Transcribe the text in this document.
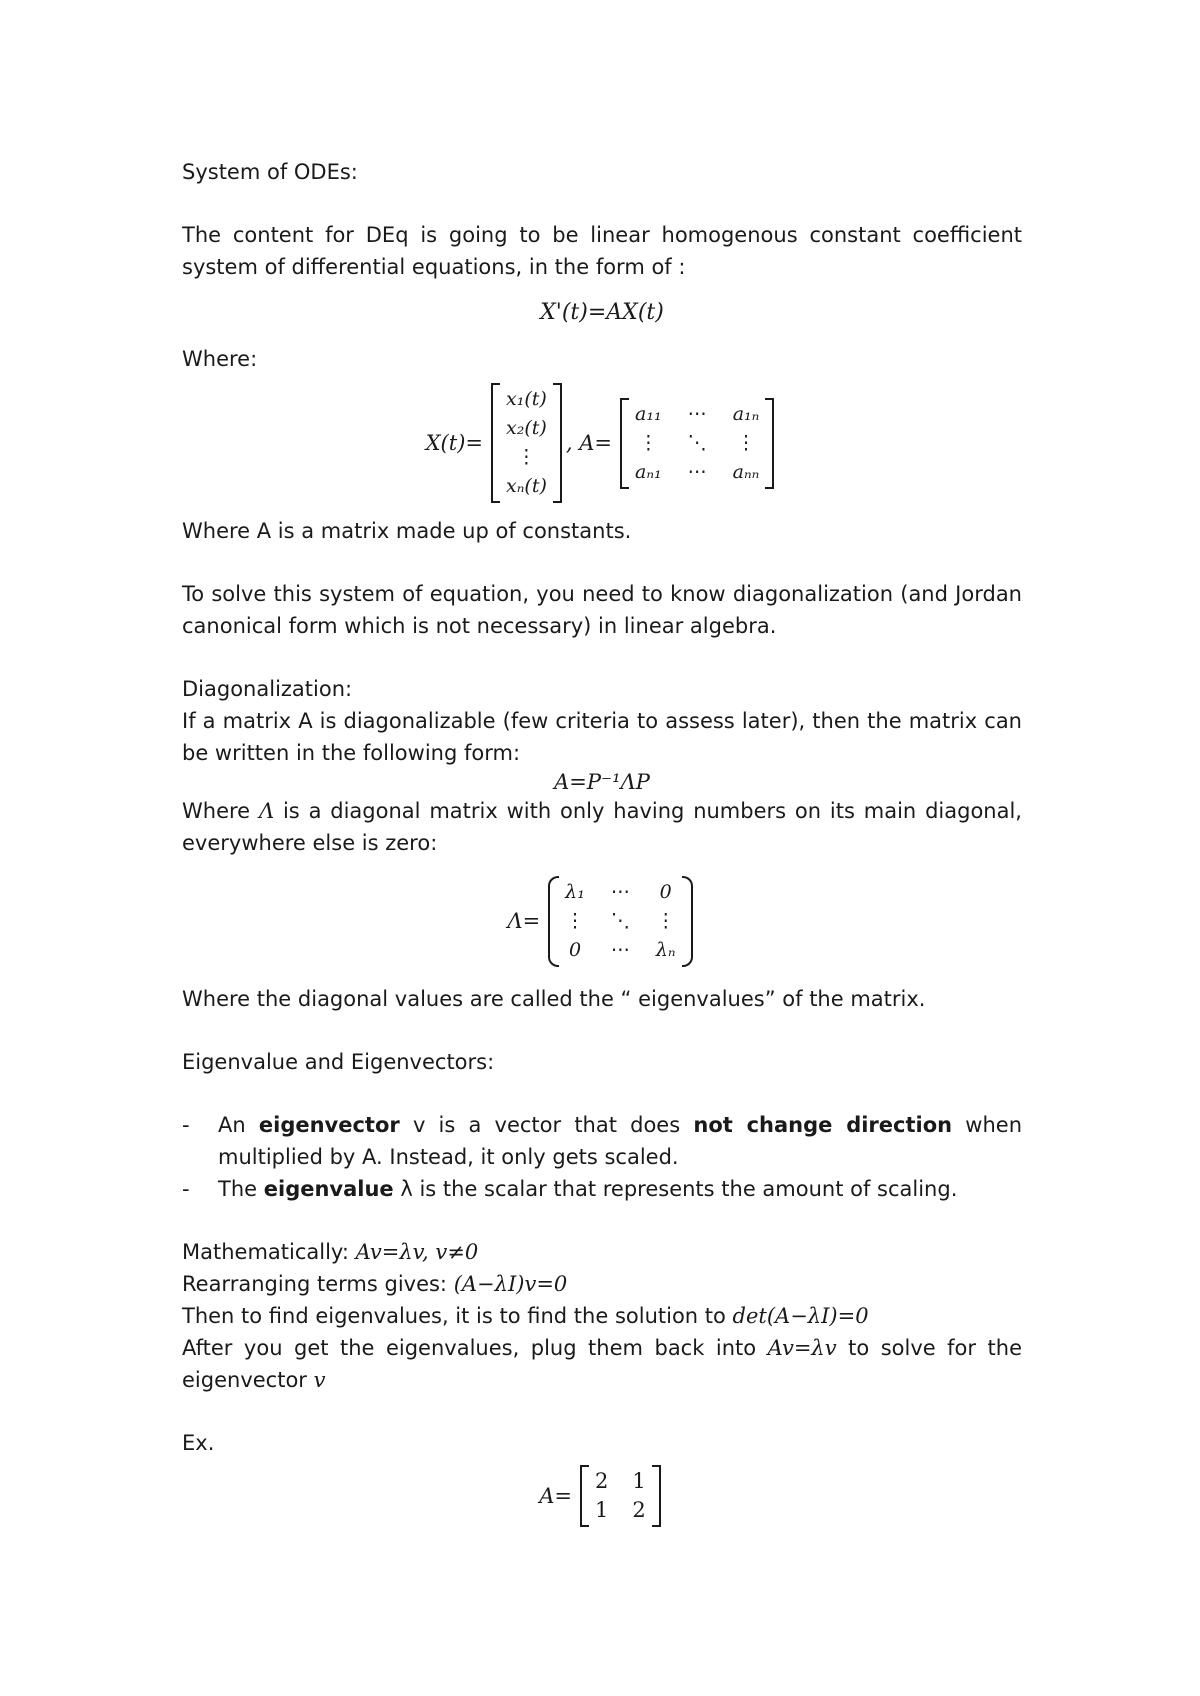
System of ODEs:

The content for DEq is going to be linear homogenous constant coefficient system of differential equations, in the form of :

X'(t)=AX(t)

Where:

X(t)=
x₁(t)
x₂(t)
⋮
xₙ(t)
, A=
a₁₁ ⋯ a₁ₙ
⋮ ⋱ ⋮
aₙ₁ ⋯ aₙₙ

Where A is a matrix made up of constants.

To solve this system of equation, you need to know diagonalization (and Jordan canonical form which is not necessary) in linear algebra.

Diagonalization:

If a matrix A is diagonalizable (few criteria to assess later), then the matrix can be written in the following form:

A=P⁻¹ΛP

Where Λ is a diagonal matrix with only having numbers on its main diagonal, everywhere else is zero:

Λ=
λ₁ ⋯ 0
⋮ ⋱ ⋮
0 ⋯ λₙ

Where the diagonal values are called the “ eigenvalues” of the matrix.

Eigenvalue and Eigenvectors:

-	An eigenvector v is a vector that does not change direction when multiplied by A. Instead, it only gets scaled.
-	The eigenvalue λ is the scalar that represents the amount of scaling.

Mathematically: Av=λv, v≠0

Rearranging terms gives: (A−λI)v=0

Then to find eigenvalues, it is to find the solution to det(A−λI)=0

After you get the eigenvalues, plug them back into Av=λv to solve for the eigenvector v

Ex.

A=
2 1
1 2
